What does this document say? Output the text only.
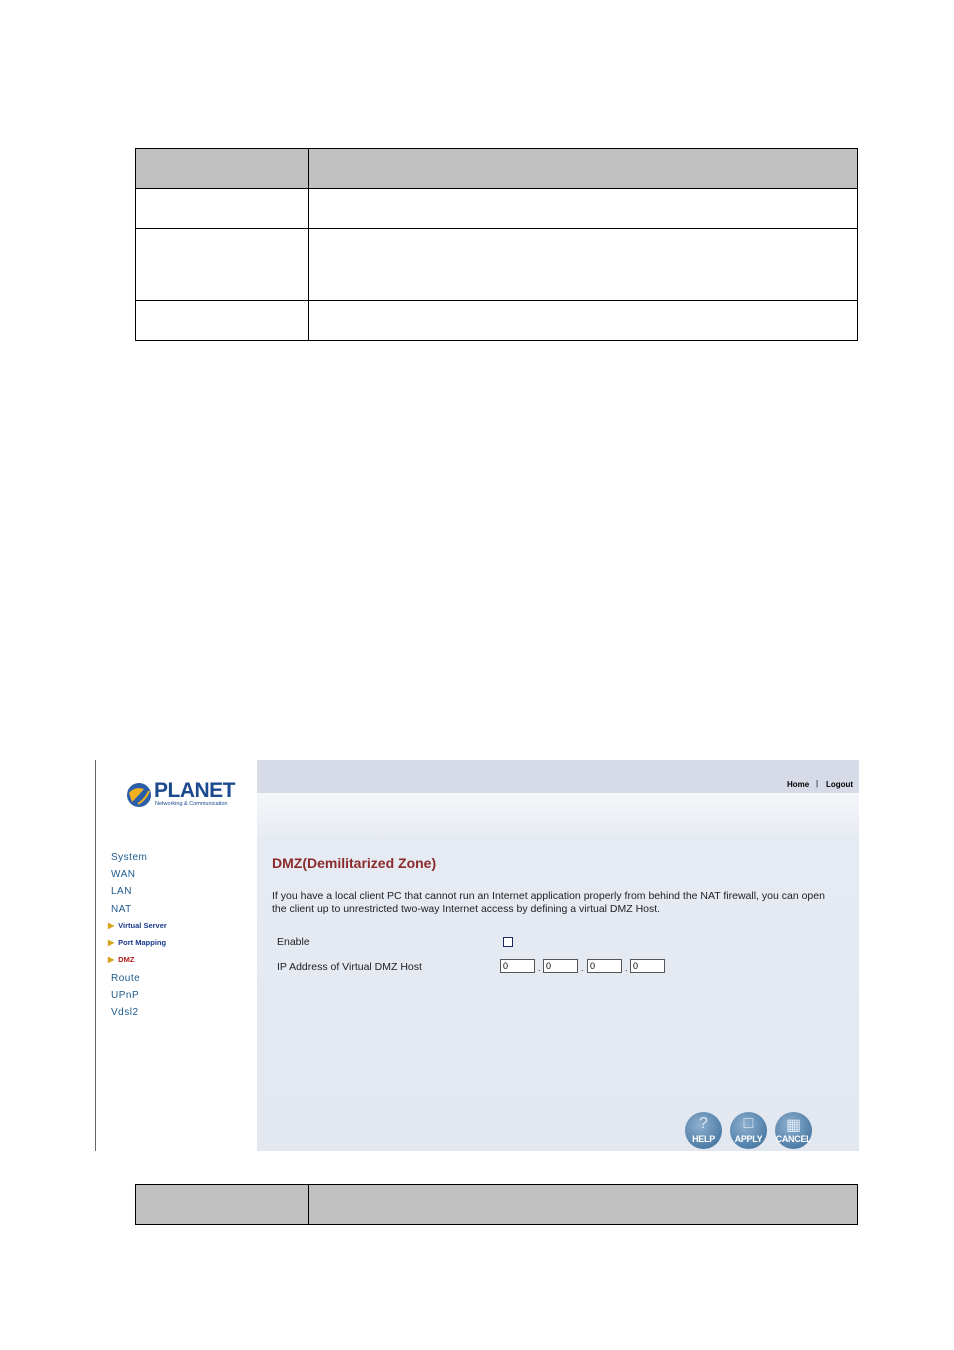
PLANET
Networking & Communication
System
WAN
LAN
NAT
▶ Virtual Server
▶ Port Mapping
▶ DMZ
Route
UPnP
Vdsl2
Home | Logout
DMZ(Demilitarized Zone)
If you have a local client PC that cannot run an Internet application properly from behind the NAT firewall, you can open the client up to unrestricted two-way Internet access by defining a virtual DMZ Host.
Enable
IP Address of Virtual DMZ Host
0	.
0	.
0	.
0
?
HELP
□
APPLY
▦
CANCEL
